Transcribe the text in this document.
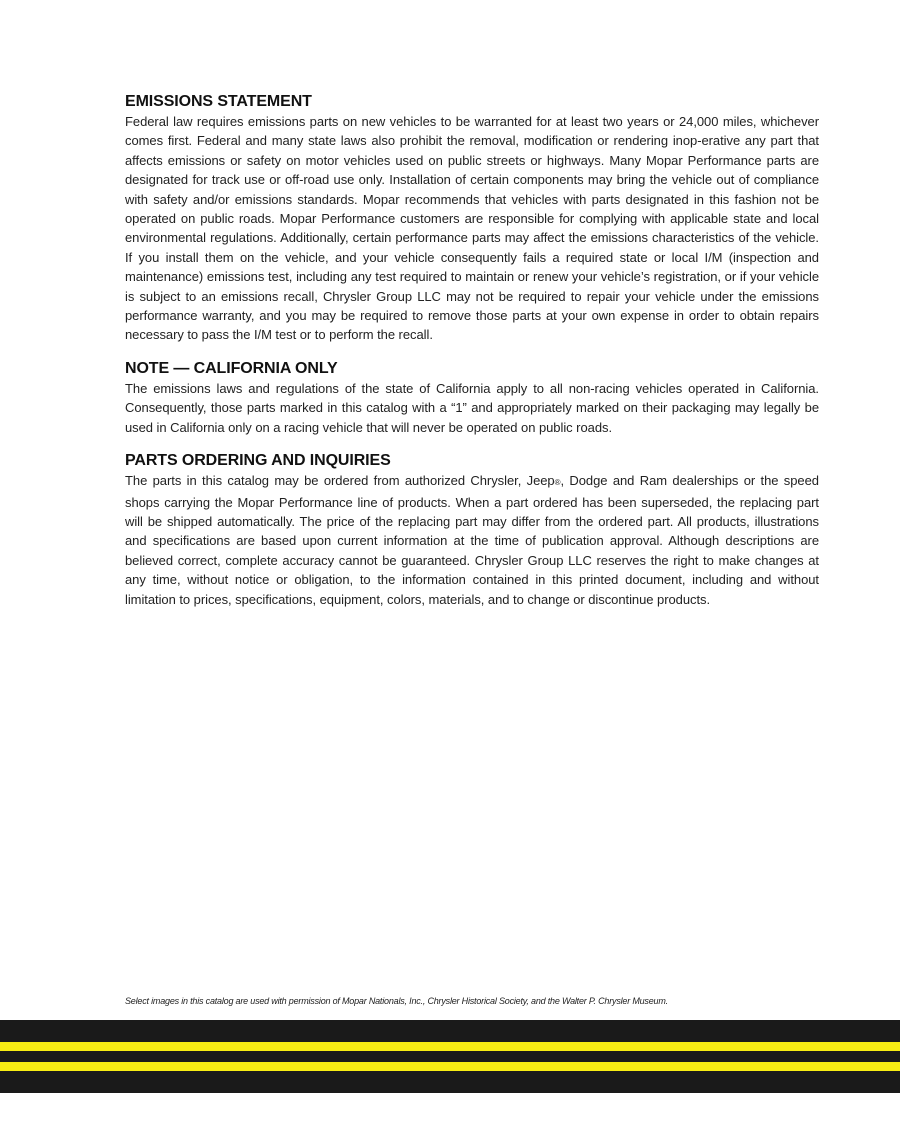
EMISSIONS STATEMENT

Federal law requires emissions parts on new vehicles to be warranted for at least two years or 24,000 miles, whichever comes first. Federal and many state laws also prohibit the removal, modification or rendering inop-erative any part that affects emissions or safety on motor vehicles used on public streets or highways. Many Mopar Performance parts are designated for track use or off-road use only. Installation of certain components may bring the vehicle out of compliance with safety and/or emissions standards. Mopar recommends that vehicles with parts designated in this fashion not be operated on public roads. Mopar Performance customers are responsible for complying with applicable state and local environmental regulations. Additionally, certain performance parts may affect the emissions characteristics of the vehicle. If you install them on the vehicle, and your vehicle consequently fails a required state or local I/M (inspection and maintenance) emissions test, including any test required to maintain or renew your vehicle’s registration, or if your vehicle is subject to an emissions recall, Chrysler Group LLC may not be required to repair your vehicle under the emissions performance warranty, and you may be required to remove those parts at your own expense in order to obtain repairs necessary to pass the I/M test or to perform the recall.

NOTE — CALIFORNIA ONLY

The emissions laws and regulations of the state of California apply to all non-racing vehicles operated in California. Consequently, those parts marked in this catalog with a “1” and appropriately marked on their packaging may legally be used in California only on a racing vehicle that will never be operated on public roads.

PARTS ORDERING AND INQUIRIES

The parts in this catalog may be ordered from authorized Chrysler, Jeep®, Dodge and Ram dealerships or the speed shops carrying the Mopar Performance line of products. When a part ordered has been superseded, the replacing part will be shipped automatically. The price of the replacing part may differ from the ordered part. All products, illustrations and specifications are based upon current information at the time of publication approval. Although descriptions are believed correct, complete accuracy cannot be guaranteed. Chrysler Group LLC reserves the right to make changes at any time, without notice or obligation, to the information contained in this printed document, including and without limitation to prices, specifications, equipment, colors, materials, and to change or discontinue products.

Select images in this catalog are used with permission of Mopar Nationals, Inc., Chrysler Historical Society, and the Walter P. Chrysler Museum.
